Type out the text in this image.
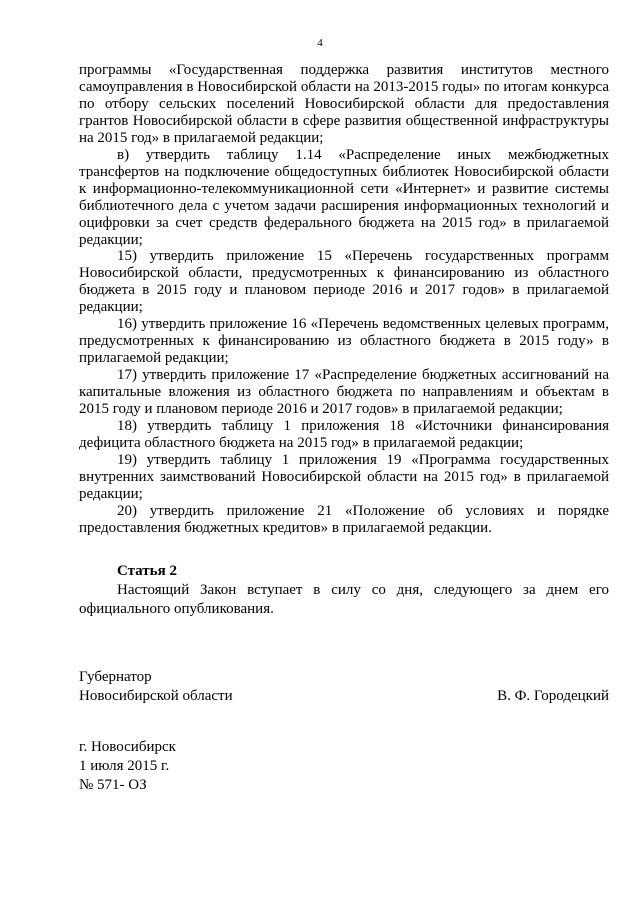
4

программы «Государственная поддержка развития институтов местного самоуправления в Новосибирской области на 2013-2015 годы» по итогам конкурса по отбору сельских поселений Новосибирской области для предоставления грантов Новосибирской области в сфере развития общественной инфраструктуры на 2015 год» в прилагаемой редакции;

в) утвердить таблицу 1.14 «Распределение иных межбюджетных трансфертов на подключение общедоступных библиотек Новосибирской области к информационно-телекоммуникационной сети «Интернет» и развитие системы библиотечного дела с учетом задачи расширения информационных технологий и оцифровки за счет средств федерального бюджета на 2015 год» в прилагаемой редакции;

15) утвердить приложение 15 «Перечень государственных программ Новосибирской области, предусмотренных к финансированию из областного бюджета в 2015 году и плановом периоде 2016 и 2017 годов» в прилагаемой редакции;

16) утвердить приложение 16 «Перечень ведомственных целевых программ, предусмотренных к финансированию из областного бюджета в 2015 году» в прилагаемой редакции;

17) утвердить приложение 17 «Распределение бюджетных ассигнований на капитальные вложения из областного бюджета по направлениям и объектам в 2015 году и плановом периоде 2016 и 2017 годов» в прилагаемой редакции;

18) утвердить таблицу 1 приложения 18 «Источники финансирования дефицита областного бюджета на 2015 год» в прилагаемой редакции;

19) утвердить таблицу 1 приложения 19 «Программа государственных внутренних заимствований Новосибирской области на 2015 год» в прилагаемой редакции;

20) утвердить приложение 21 «Положение об условиях и порядке предоставления бюджетных кредитов» в прилагаемой редакции.

Статья 2

Настоящий Закон вступает в силу со дня, следующего за днем его официального опубликования.

Губернатор
Новосибирской области	В. Ф. Городецкий
г. Новосибирск
1 июля 2015 г.
№ 571- ОЗ
